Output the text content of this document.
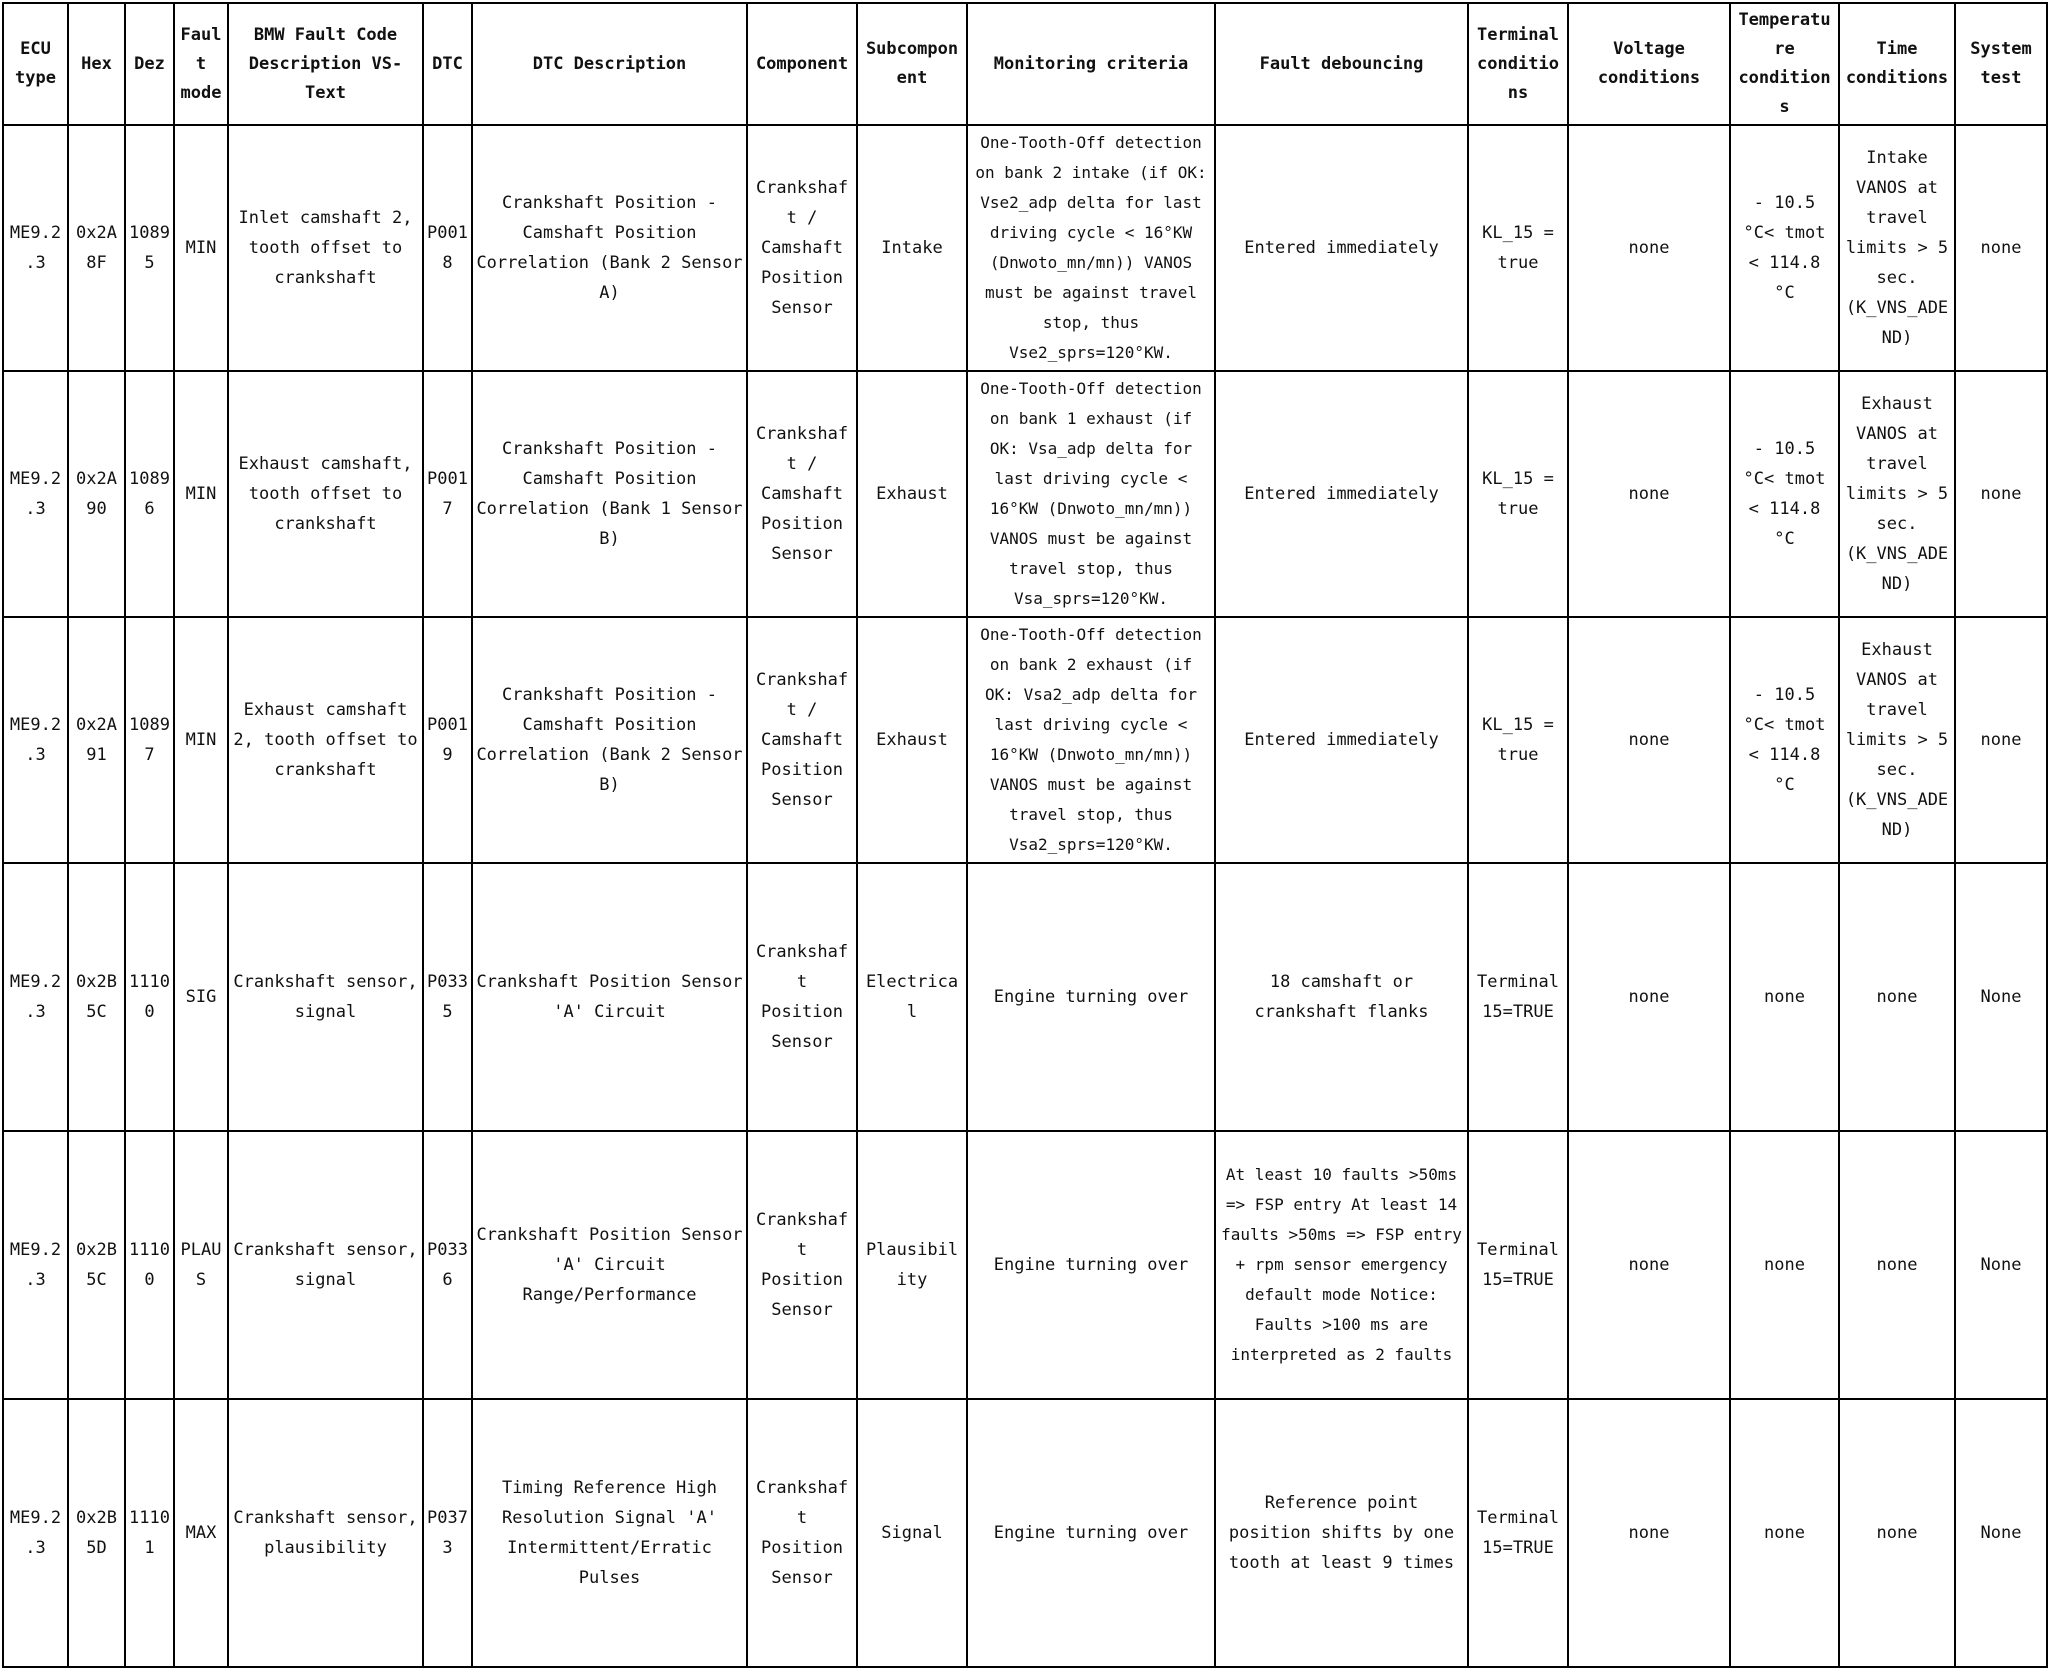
ECU type	Hex	Dez	Fault mode	BMW Fault Code Description VS-Text	DTC	DTC Description	Component	Subcomponent	Monitoring criteria	Fault debouncing	Terminal conditions	Voltage conditions	Temperature conditions	Time conditions	System test
ME9.2.3	0x2A8F	10895	MIN	Inlet camshaft 2, tooth offset to crankshaft	P0018	Crankshaft Position - Camshaft Position Correlation (Bank 2 Sensor A)	Crankshaft / Camshaft Position Sensor	Intake	One-Tooth-Off detection on bank 2 intake (if OK: Vse2_adp delta for last driving cycle < 16°KW (Dnwoto_mn/mn)) VANOS must be against travel stop, thus Vse2_sprs=120°KW.	Entered immediately	KL_15 = true	none	- 10.5 °C< tmot < 114.8 °C	Intake VANOS at travel limits > 5 sec. (K_VNS_ADEND)	none
ME9.2.3	0x2A90	10896	MIN	Exhaust camshaft, tooth offset to crankshaft	P0017	Crankshaft Position - Camshaft Position Correlation (Bank 1 Sensor B)	Crankshaft / Camshaft Position Sensor	Exhaust	One-Tooth-Off detection on bank 1 exhaust (if OK: Vsa_adp delta for last driving cycle < 16°KW (Dnwoto_mn/mn)) VANOS must be against travel stop, thus Vsa_sprs=120°KW.	Entered immediately	KL_15 = true	none	- 10.5 °C< tmot < 114.8 °C	Exhaust VANOS at travel limits > 5 sec. (K_VNS_ADEND)	none
ME9.2.3	0x2A91	10897	MIN	Exhaust camshaft 2, tooth offset to crankshaft	P0019	Crankshaft Position - Camshaft Position Correlation (Bank 2 Sensor B)	Crankshaft / Camshaft Position Sensor	Exhaust	One-Tooth-Off detection on bank 2 exhaust (if OK: Vsa2_adp delta for last driving cycle < 16°KW (Dnwoto_mn/mn)) VANOS must be against travel stop, thus Vsa2_sprs=120°KW.	Entered immediately	KL_15 = true	none	- 10.5 °C< tmot < 114.8 °C	Exhaust VANOS at travel limits > 5 sec. (K_VNS_ADEND)	none
ME9.2.3	0x2B5C	11100	SIG	Crankshaft sensor, signal	P0335	Crankshaft Position Sensor 'A' Circuit	Crankshaft Position Sensor	Electrical	Engine turning over	18 camshaft or crankshaft flanks	Terminal 15=TRUE	none	none	none	None
ME9.2.3	0x2B5C	11100	PLAUS	Crankshaft sensor, signal	P0336	Crankshaft Position Sensor 'A' Circuit Range/Performance	Crankshaft Position Sensor	Plausibility	Engine turning over	At least 10 faults >50ms => FSP entry At least 14 faults >50ms => FSP entry + rpm sensor emergency default mode Notice: Faults >100 ms are interpreted as 2 faults	Terminal 15=TRUE	none	none	none	None
ME9.2.3	0x2B5D	11101	MAX	Crankshaft sensor, plausibility	P0373	Timing Reference High Resolution Signal 'A' Intermittent/Erratic Pulses	Crankshaft Position Sensor	Signal	Engine turning over	Reference point position shifts by one tooth at least 9 times	Terminal 15=TRUE	none	none	none	None
